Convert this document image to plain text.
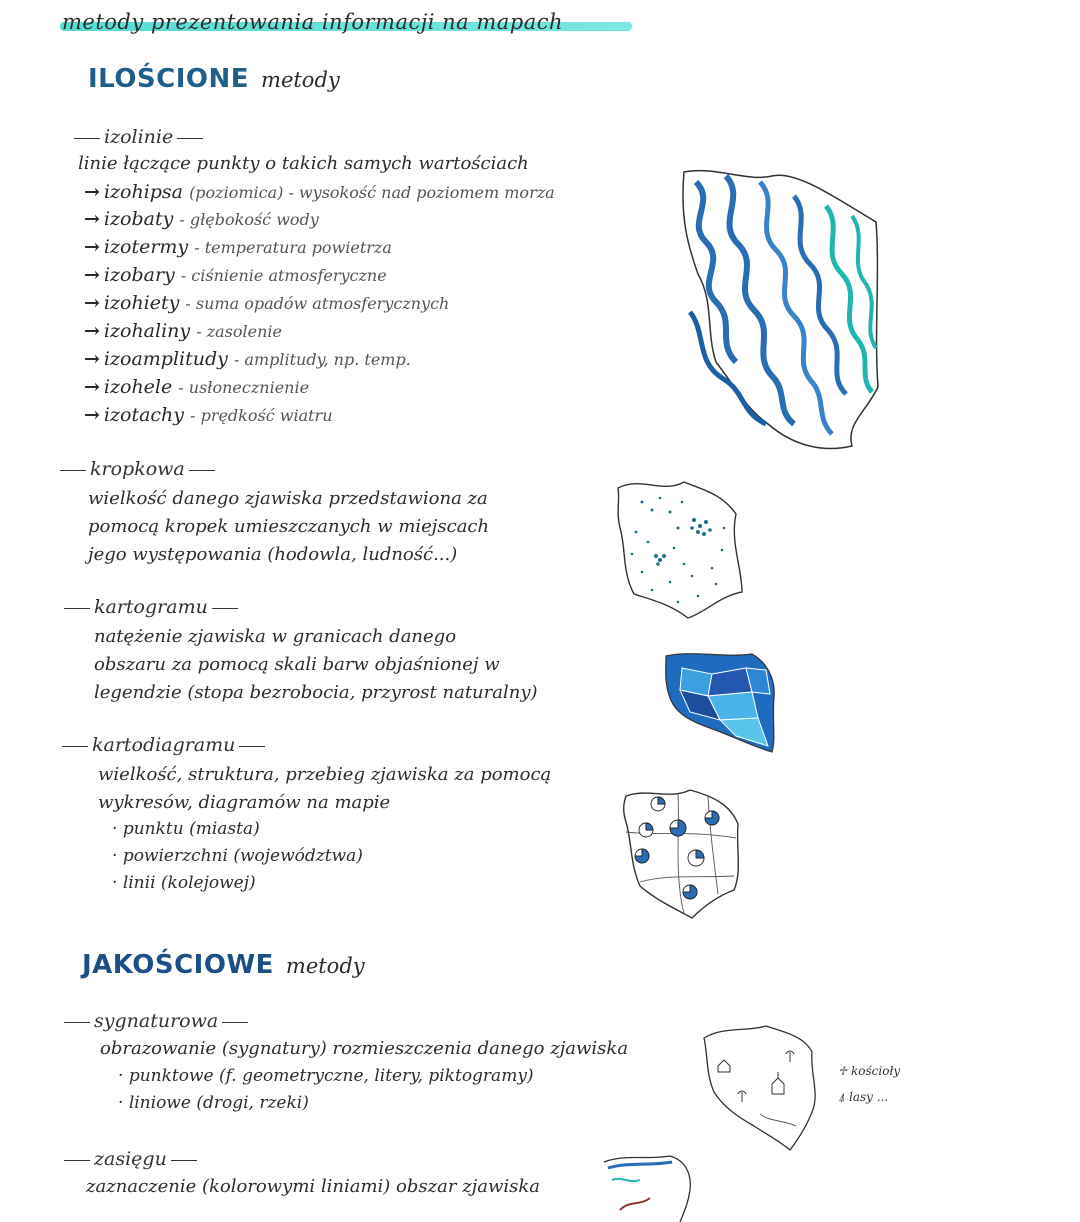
metody prezentowania informacji na mapach
ILOŚCIONE metody
izolinie
linie łączące punkty o takich samych wartościach
→ izohipsa (poziomica) - wysokość nad poziomem morza
→ izobaty - głębokość wody
→ izotermy - temperatura powietrza
→ izobary - ciśnienie atmosferyczne
→ izohiety - suma opadów atmosferycznych
→ izohaliny - zasolenie
→ izoamplitudy - amplitudy, np. temp.
→ izohele - usłonecznienie
→ izotachy - prędkość wiatru
kropkowa
wielkość danego zjawiska przedstawiona za
pomocą kropek umieszczanych w miejscach
jego występowania (hodowla, ludność...)
kartogramu
natężenie zjawiska w granicach danego
obszaru za pomocą skali barw objaśnionej w
legendzie (stopa bezrobocia, przyrost naturalny)
kartodiagramu
wielkość, struktura, przebieg zjawiska za pomocą
wykresów, diagramów na mapie
· punktu (miasta)
· powierzchni (województwa)
· linii (kolejowej)
JAKOŚCIOWE metody
sygnaturowa
obrazowanie (sygnatury) rozmieszczenia danego zjawiska
· punktowe (f. geometryczne, litery, piktogramy)
· liniowe (drogi, rzeki)
♱ kościoły
⍋ lasy ...
zasięgu
zaznaczenie (kolorowymi liniami) obszar zjawiska
